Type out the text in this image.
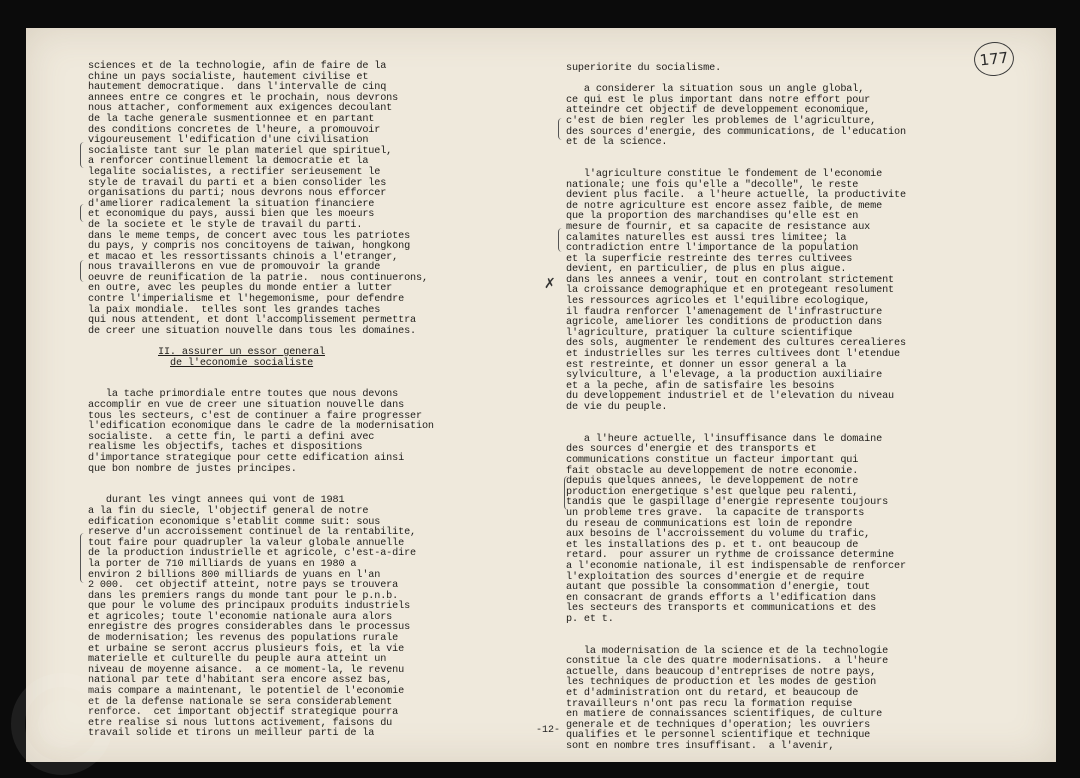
177
sciences et de la technologie, afin de faire de la
chine un pays socialiste, hautement civilise et
hautement democratique.  dans l'intervalle de cinq
annees entre ce congres et le prochain, nous devrons
nous attacher, conformement aux exigences decoulant
de la tache generale susmentionnee et en partant
des conditions concretes de l'heure, a promouvoir
vigoureusement l'edification d'une civilisation
socialiste tant sur le plan materiel que spirituel,
a renforcer continuellement la democratie et la
legalite socialistes, a rectifier serieusement le
style de travail du parti et a bien consolider les
organisations du parti; nous devrons nous efforcer
d'ameliorer radicalement la situation financiere
et economique du pays, aussi bien que les moeurs
de la societe et le style de travail du parti.
dans le meme temps, de concert avec tous les patriotes
du pays, y compris nos concitoyens de taiwan, hongkong
et macao et les ressortissants chinois a l'etranger,
nous travaillerons en vue de promouvoir la grande
oeuvre de reunification de la patrie.  nous continuerons,
en outre, avec les peuples du monde entier a lutter
contre l'imperialisme et l'hegemonisme, pour defendre
la paix mondiale.  telles sont les grandes taches
qui nous attendent, et dont l'accomplissement permettra
de creer une situation nouvelle dans tous les domaines.
II. assurer un essor general
de l'economie socialiste
la tache primordiale entre toutes que nous devons
accomplir en vue de creer une situation nouvelle dans
tous les secteurs, c'est de continuer a faire progresser
l'edification economique dans le cadre de la modernisation
socialiste.  a cette fin, le parti a defini avec
realisme les objectifs, taches et dispositions
d'importance strategique pour cette edification ainsi
que bon nombre de justes principes.
durant les vingt annees qui vont de 1981
a la fin du siecle, l'objectif general de notre
edification economique s'etablit comme suit: sous
reserve d'un accroissement continuel de la rentabilite,
tout faire pour quadrupler la valeur globale annuelle
de la production industrielle et agricole, c'est-a-dire
la porter de 710 milliards de yuans en 1980 a
environ 2 billions 800 milliards de yuans en l'an
2 000.  cet objectif atteint, notre pays se trouvera
dans les premiers rangs du monde tant pour le p.n.b.
que pour le volume des principaux produits industriels
et agricoles; toute l'economie nationale aura alors
enregistre des progres considerables dans le processus
de modernisation; les revenus des populations rurale
et urbaine se seront accrus plusieurs fois, et la vie
materielle et culturelle du peuple aura atteint un
niveau de moyenne aisance.  a ce moment-la, le revenu
national par tete d'habitant sera encore assez bas,
mais compare a maintenant, le potentiel de l'economie
et de la defense nationale se sera considerablement
renforce.  cet important objectif strategique pourra
etre realise si nous luttons activement, faisons du
travail solide et tirons un meilleur parti de la
superiorite du socialisme.
a considerer la situation sous un angle global,
ce qui est le plus important dans notre effort pour
atteindre cet objectif de developpement economique,
c'est de bien regler les problemes de l'agriculture,
des sources d'energie, des communications, de l'education
et de la science.
l'agriculture constitue le fondement de l'economie
nationale; une fois qu'elle a "decolle", le reste
devient plus facile.  a l'heure actuelle, la productivite
de notre agriculture est encore assez faible, de meme
que la proportion des marchandises qu'elle est en
mesure de fournir, et sa capacite de resistance aux
calamites naturelles est aussi tres limitee; la
contradiction entre l'importance de la population
et la superficie restreinte des terres cultivees
devient, en particulier, de plus en plus aigue.
dans les annees a venir, tout en controlant strictement
la croissance demographique et en protegeant resolument
les ressources agricoles et l'equilibre ecologique,
il faudra renforcer l'amenagement de l'infrastructure
agricole, ameliorer les conditions de production dans
l'agriculture, pratiquer la culture scientifique
des sols, augmenter le rendement des cultures cerealieres
et industrielles sur les terres cultivees dont l'etendue
est restreinte, et donner un essor general a la
sylviculture, a l'elevage, a la production auxiliaire
et a la peche, afin de satisfaire les besoins
du developpement industriel et de l'elevation du niveau
de vie du peuple.
a l'heure actuelle, l'insuffisance dans le domaine
des sources d'energie et des transports et
communications constitue un facteur important qui
fait obstacle au developpement de notre economie.
depuis quelques annees, le developpement de notre
production energetique s'est quelque peu ralenti,
tandis que le gaspillage d'energie represente toujours
un probleme tres grave.  la capacite de transports
du reseau de communications est loin de repondre
aux besoins de l'accroissement du volume du trafic,
et les installations des p. et t. ont beaucoup de
retard.  pour assurer un rythme de croissance determine
a l'economie nationale, il est indispensable de renforcer
l'exploitation des sources d'energie et de require
autant que possible la consommation d'energie, tout
en consacrant de grands efforts a l'edification dans
les secteurs des transports et communications et des
p. et t.
la modernisation de la science et de la technologie
constitue la cle des quatre modernisations.  a l'heure
actuelle, dans beaucoup d'entreprises de notre pays,
les techniques de production et les modes de gestion
et d'administration ont du retard, et beaucoup de
travailleurs n'ont pas recu la formation requise
en matiere de connaissances scientifiques, de culture
generale et de techniques d'operation; les ouvriers
qualifies et le personnel scientifique et technique
sont en nombre tres insuffisant.  a l'avenir,
-12-
✗
